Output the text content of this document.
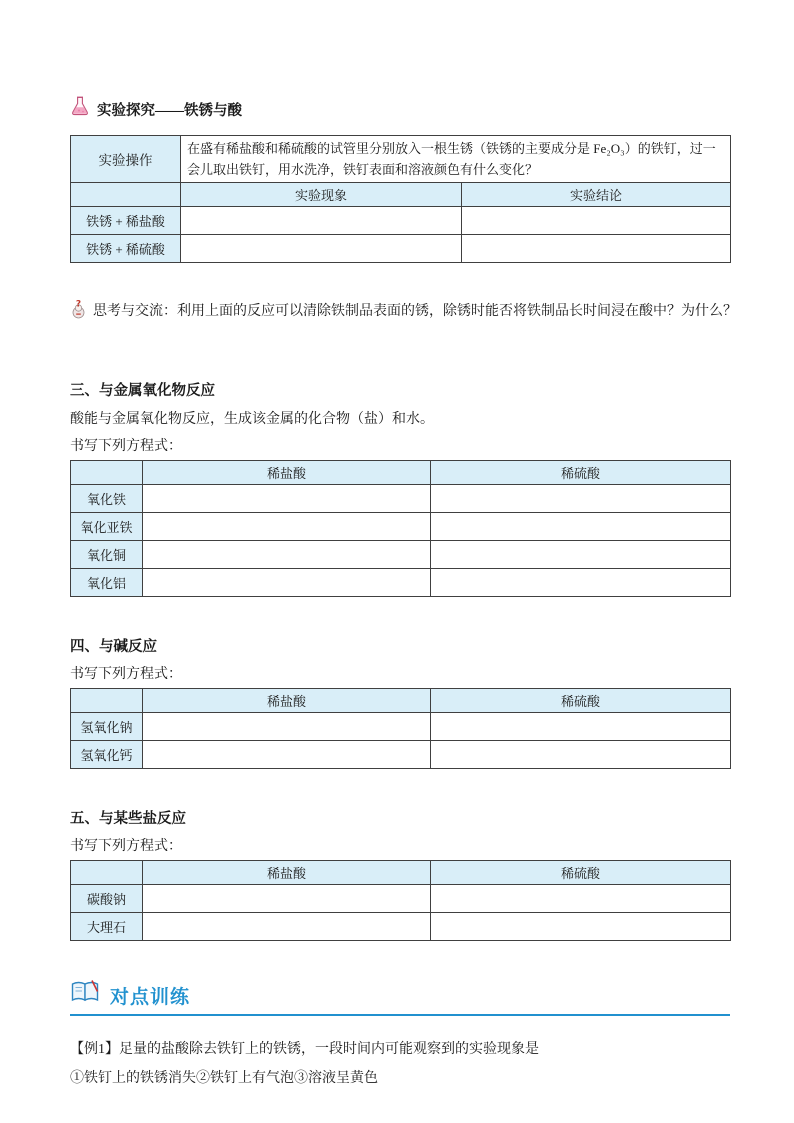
实验探究——铁锈与酸
实验操作	在盛有稀盐酸和稀硫酸的试管里分别放入一根生锈（铁锈的主要成分是 Fe₂O₃）的铁钉，过一会儿取出铁钉，用水洗净，铁钉表面和溶液颜色有什么变化？	
	实验现象	实验结论
铁锈 + 稀盐酸		
铁锈 + 稀硫酸		
? 思考与交流：利用上面的反应可以清除铁制品表面的锈，除锈时能否将铁制品长时间浸在酸中？为什么？
三、与金属氧化物反应
酸能与金属氧化物反应，生成该金属的化合物（盐）和水。
书写下列方程式：
	稀盐酸	稀硫酸
氧化铁		
氧化亚铁		
氧化铜		
氧化铝		
四、与碱反应
书写下列方程式：
	稀盐酸	稀硫酸
氢氧化钠		
氢氧化钙		
五、与某些盐反应
书写下列方程式：
	稀盐酸	稀硫酸
碳酸钠		
大理石		
对点训练
【例1】足量的盐酸除去铁钉上的铁锈，一段时间内可能观察到的实验现象是
①铁钉上的铁锈消失②铁钉上有气泡③溶液呈黄色
